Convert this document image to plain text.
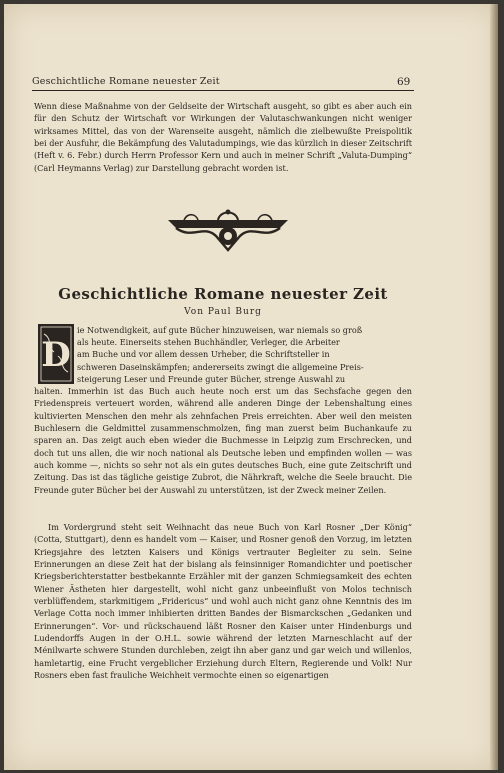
Geschichtliche Romane neuester Zeit	69

Wenn diese Maßnahme von der Geldseite der Wirtschaft ausgeht, so gibt es aber auch ein für den Schutz der Wirtschaft vor Wirkungen der Valutaschwankungen nicht weniger wirksames Mittel, das von der Warenseite ausgeht, nämlich die zielbewußte Preispolitik bei der Ausfuhr, die Bekämpfung des Valutadumpings, wie das kürzlich in dieser Zeitschrift (Heft v. 6. Febr.) durch Herrn Professor Kern und auch in meiner Schrift „Valuta-Dumping“ (Carl Heymanns Verlag) zur Darstellung gebracht worden ist.

Geschichtliche Romane neuester Zeit
Von Paul Burg
D

ie Notwendigkeit, auf gute Bücher hinzuweisen, war niemals so groß

als heute. Einerseits stehen Buchhändler, Verleger, die Arbeiter

am Buche und vor allem dessen Urheber, die Schriftsteller in

schweren Daseinskämpfen; andererseits zwingt die allgemeine Preis-

steigerung Leser und Freunde guter Bücher, strenge Auswahl zu

halten. Immerhin ist das Buch auch heute noch erst um das Sechsfache gegen den Friedenspreis verteuert worden, während alle anderen Dinge der Lebenshaltung eines kultivierten Menschen den mehr als zehnfachen Preis erreichten. Aber weil den meisten Buchlesern die Geldmittel zusammenschmolzen, fing man zuerst beim Buchankaufe zu sparen an. Das zeigt auch eben wieder die Buchmesse in Leipzig zum Erschrecken, und doch tut uns allen, die wir noch national als Deutsche leben und empfinden wollen — was auch komme —, nichts so sehr not als ein gutes deutsches Buch, eine gute Zeitschrift und Zeitung. Das ist das tägliche geistige Zubrot, die Nährkraft, welche die Seele braucht. Die Freunde guter Bücher bei der Auswahl zu unterstützen, ist der Zweck meiner Zeilen.

Im Vordergrund steht seit Weihnacht das neue Buch von Karl Rosner „Der König“ (Cotta, Stuttgart), denn es handelt vom — Kaiser, und Rosner genoß den Vorzug, im letzten Kriegsjahre des letzten Kaisers und Königs vertrauter Begleiter zu sein. Seine Erinnerungen an diese Zeit hat der bislang als feinsinniger Romandichter und poetischer Kriegsberichterstatter bestbekannte Erzähler mit der ganzen Schmiegsamkeit des echten Wiener Ästheten hier dargestellt, wohl nicht ganz unbeeinflußt von Molos technisch verblüffendem, starkmitigem „Fridericus“ und wohl auch nicht ganz ohne Kenntnis des im Verlage Cotta noch immer inhibierten dritten Bandes der Bismarckschen „Gedanken und Erinnerungen“. Vor- und rückschauend läßt Rosner den Kaiser unter Hindenburgs und Ludendorffs Augen in der O.H.L. sowie während der letzten Marneschlacht auf der Ménilwarte schwere Stunden durchleben, zeigt ihn aber ganz und gar weich und willenlos, hamletartig, eine Frucht vergeblicher Erziehung durch Eltern, Regierende und Volk! Nur Rosners eben fast frauliche Weichheit vermochte einen so eigenartigen
